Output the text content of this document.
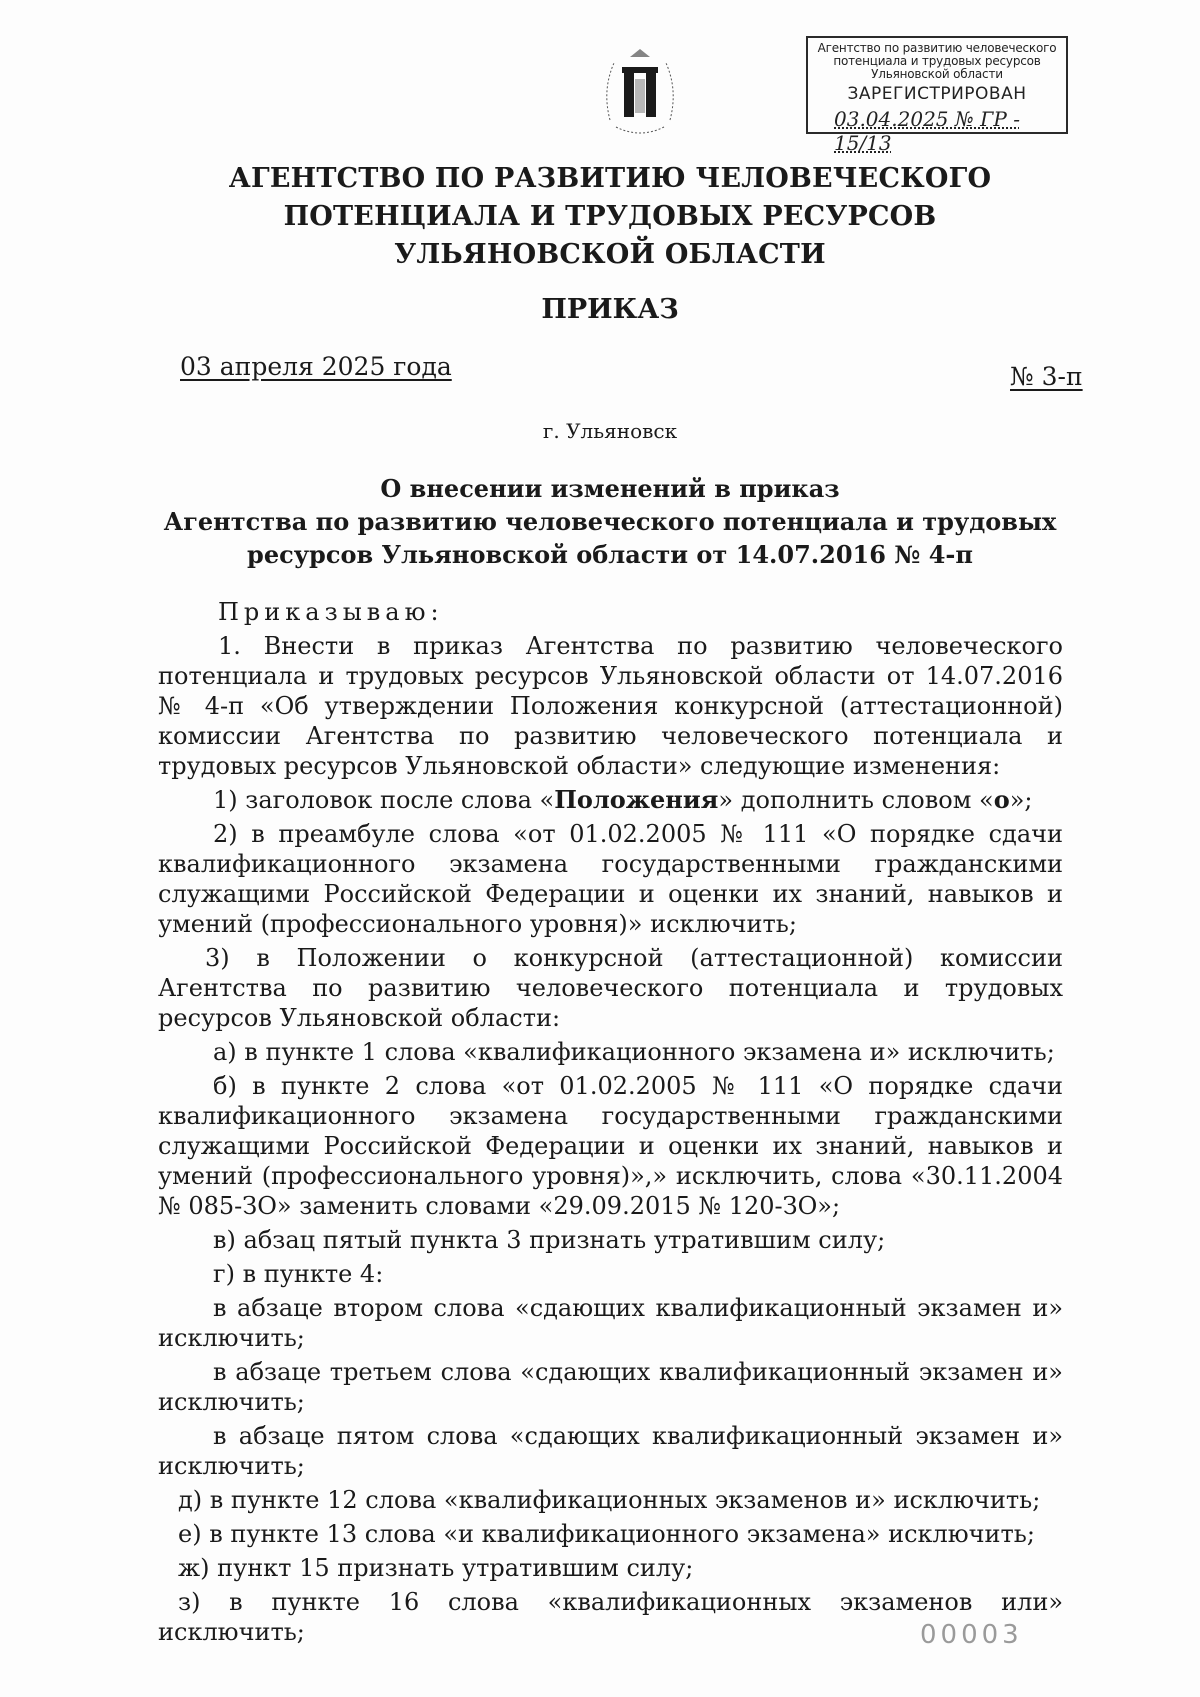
Агентство по развитию человеческого
потенциала и трудовых ресурсов
Ульяновской области
ЗАРЕГИСТРИРОВАН
03.04.2025 № ГР - 15/13
АГЕНТСТВО ПО РАЗВИТИЮ ЧЕЛОВЕЧЕСКОГО
ПОТЕНЦИАЛА И ТРУДОВЫХ РЕСУРСОВ
УЛЬЯНОВСКОЙ ОБЛАСТИ
ПРИКАЗ
03 апреля 2025 года	№ 3-п
г. Ульяновск
О внесении изменений в приказ
Агентства по развитию человеческого потенциала и трудовых
ресурсов Ульяновской области от 14.07.2016 № 4-п
Приказываю:
1. Внести в приказ Агентства по развитию человеческого потенциала и трудовых ресурсов Ульяновской области от 14.07.2016 № 4-п «Об утверждении Положения конкурсной (аттестационной) комиссии Агентства по развитию человеческого потенциала и трудовых ресурсов Ульяновской области» следующие изменения:
1) заголовок после слова «Положения» дополнить словом «о»;
2) в преамбуле слова «от 01.02.2005 № 111 «О порядке сдачи квалификационного экзамена государственными гражданскими служащими Российской Федерации и оценки их знаний, навыков и умений (профессионального уровня)» исключить;
3) в Положении о конкурсной (аттестационной) комиссии Агентства по развитию человеческого потенциала и трудовых ресурсов Ульяновской области:
а) в пункте 1 слова «квалификационного экзамена и» исключить;
б) в пункте 2 слова «от 01.02.2005 № 111 «О порядке сдачи квалификационного экзамена государственными гражданскими служащими Российской Федерации и оценки их знаний, навыков и умений (профессионального уровня)»,» исключить, слова «30.11.2004 № 085-ЗО» заменить словами «29.09.2015 № 120-ЗО»;
в) абзац пятый пункта 3 признать утратившим силу;
г) в пункте 4:
в абзаце втором слова «сдающих квалификационный экзамен и» исключить;
в абзаце третьем слова «сдающих квалификационный экзамен и» исключить;
в абзаце пятом слова «сдающих квалификационный экзамен и» исключить;
д) в пункте 12 слова «квалификационных экзаменов и» исключить;
е) в пункте 13 слова «и квалификационного экзамена» исключить;
ж) пункт 15 признать утратившим силу;
з) в пункте 16 слова «квалификационных экзаменов или» исключить;	00003
